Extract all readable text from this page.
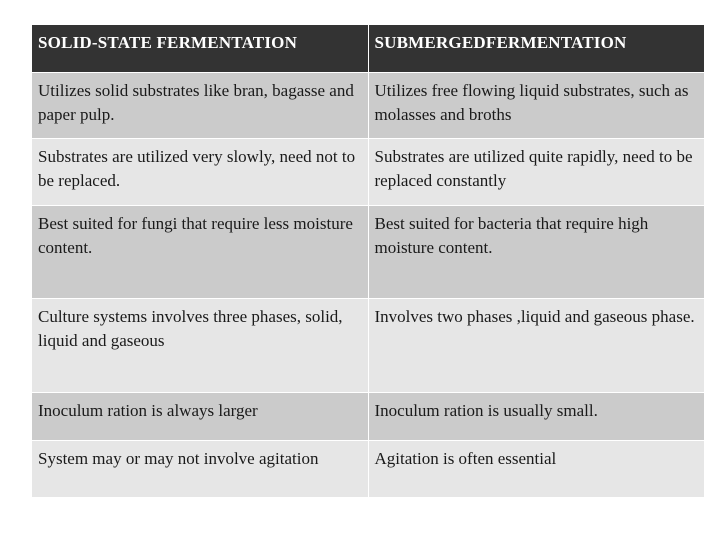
SOLID-STATE FERMENTATION	SUBMERGEDFERMENTATION
Utilizes solid substrates like bran, bagasse and paper pulp.	Utilizes free flowing liquid substrates, such as molasses and broths
Substrates are utilized very slowly, need not to be replaced.	Substrates are utilized quite rapidly, need to be replaced constantly
Best suited for fungi that require less moisture content.	Best suited for bacteria that require high moisture content.
Culture systems involves three phases, solid, liquid and gaseous	Involves two phases ,liquid and gaseous phase.
Inoculum ration is always larger	Inoculum ration is usually small.
System may or may not involve agitation	Agitation is often essential
